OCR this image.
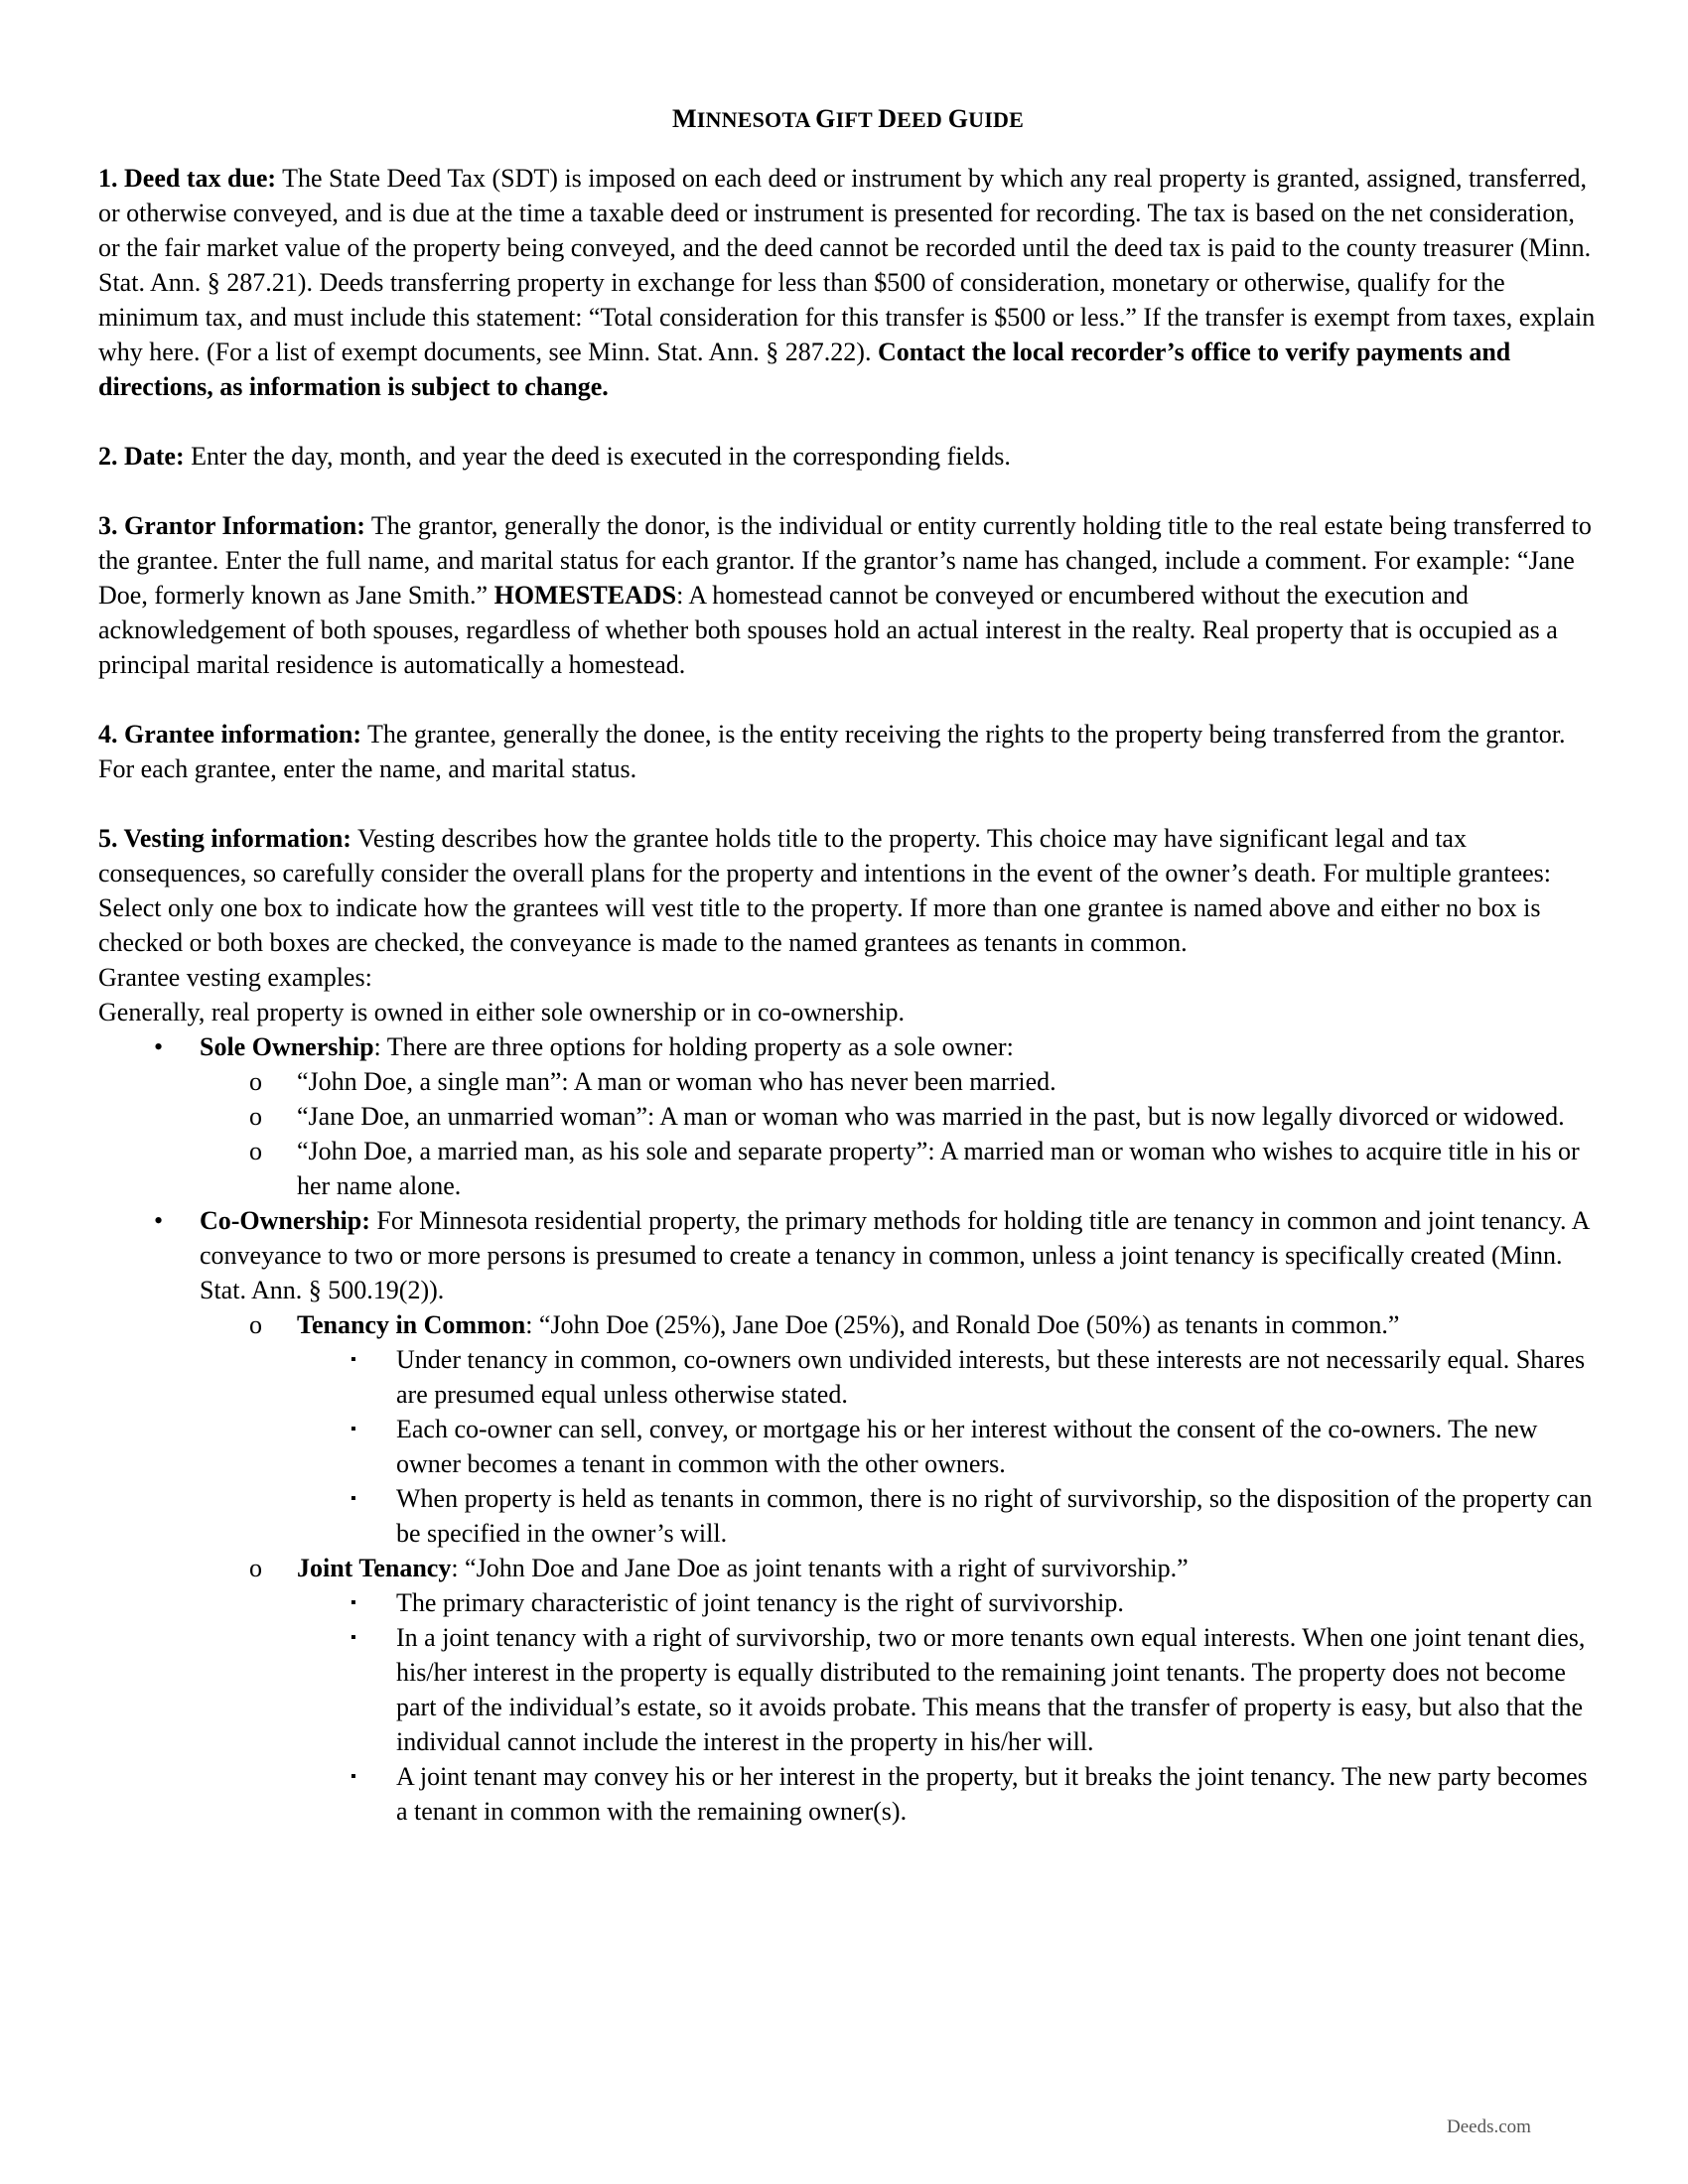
MINNESOTA GIFT DEED GUIDE

1. Deed tax due: The State Deed Tax (SDT) is imposed on each deed or instrument by which any real property is granted, assigned, transferred, or otherwise conveyed, and is due at the time a taxable deed or instrument is presented for recording. The tax is based on the net consideration, or the fair market value of the property being conveyed, and the deed cannot be recorded until the deed tax is paid to the county treasurer (Minn. Stat. Ann. § 287.21). Deeds transferring property in exchange for less than $500 of consideration, monetary or otherwise, qualify for the minimum tax, and must include this statement: “Total consideration for this transfer is $500 or less.” If the transfer is exempt from taxes, explain why here. (For a list of exempt documents, see Minn. Stat. Ann. § 287.22). Contact the local recorder’s office to verify payments and directions, as information is subject to change.

2. Date: Enter the day, month, and year the deed is executed in the corresponding fields.

3. Grantor Information: The grantor, generally the donor, is the individual or entity currently holding title to the real estate being transferred to the grantee. Enter the full name, and marital status for each grantor. If the grantor’s name has changed, include a comment. For example: “Jane Doe, formerly known as Jane Smith.” HOMESTEADS: A homestead cannot be conveyed or encumbered without the execution and acknowledgement of both spouses, regardless of whether both spouses hold an actual interest in the realty. Real property that is occupied as a principal marital residence is automatically a homestead.

4. Grantee information: The grantee, generally the donee, is the entity receiving the rights to the property being transferred from the grantor. For each grantee, enter the name, and marital status.

5. Vesting information: Vesting describes how the grantee holds title to the property. This choice may have significant legal and tax consequences, so carefully consider the overall plans for the property and intentions in the event of the owner’s death. For multiple grantees: Select only one box to indicate how the grantees will vest title to the property. If more than one grantee is named above and either no box is checked or both boxes are checked, the conveyance is made to the named grantees as tenants in common.

Grantee vesting examples:

Generally, real property is owned in either sole ownership or in co-ownership.

• Sole Ownership: There are three options for holding property as a sole owner:
o “John Doe, a single man”: A man or woman who has never been married.
o “Jane Doe, an unmarried woman”: A man or woman who was married in the past, but is now legally divorced or widowed.
o “John Doe, a married man, as his sole and separate property”: A married man or woman who wishes to acquire title in his or her name alone.
• Co-Ownership: For Minnesota residential property, the primary methods for holding title are tenancy in common and joint tenancy. A conveyance to two or more persons is presumed to create a tenancy in common, unless a joint tenancy is specifically created (Minn. Stat. Ann. § 500.19(2)).
o Tenancy in Common: “John Doe (25%), Jane Doe (25%), and Ronald Doe (50%) as tenants in common.”
▪ Under tenancy in common, co-owners own undivided interests, but these interests are not necessarily equal. Shares are presumed equal unless otherwise stated.
▪ Each co-owner can sell, convey, or mortgage his or her interest without the consent of the co-owners. The new owner becomes a tenant in common with the other owners.
▪ When property is held as tenants in common, there is no right of survivorship, so the disposition of the property can be specified in the owner’s will.
o Joint Tenancy: “John Doe and Jane Doe as joint tenants with a right of survivorship.”
▪ The primary characteristic of joint tenancy is the right of survivorship.
▪ In a joint tenancy with a right of survivorship, two or more tenants own equal interests. When one joint tenant dies, his/her interest in the property is equally distributed to the remaining joint tenants. The property does not become part of the individual’s estate, so it avoids probate. This means that the transfer of property is easy, but also that the individual cannot include the interest in the property in his/her will.
▪ A joint tenant may convey his or her interest in the property, but it breaks the joint tenancy. The new party becomes a tenant in common with the remaining owner(s).
Deeds.com
